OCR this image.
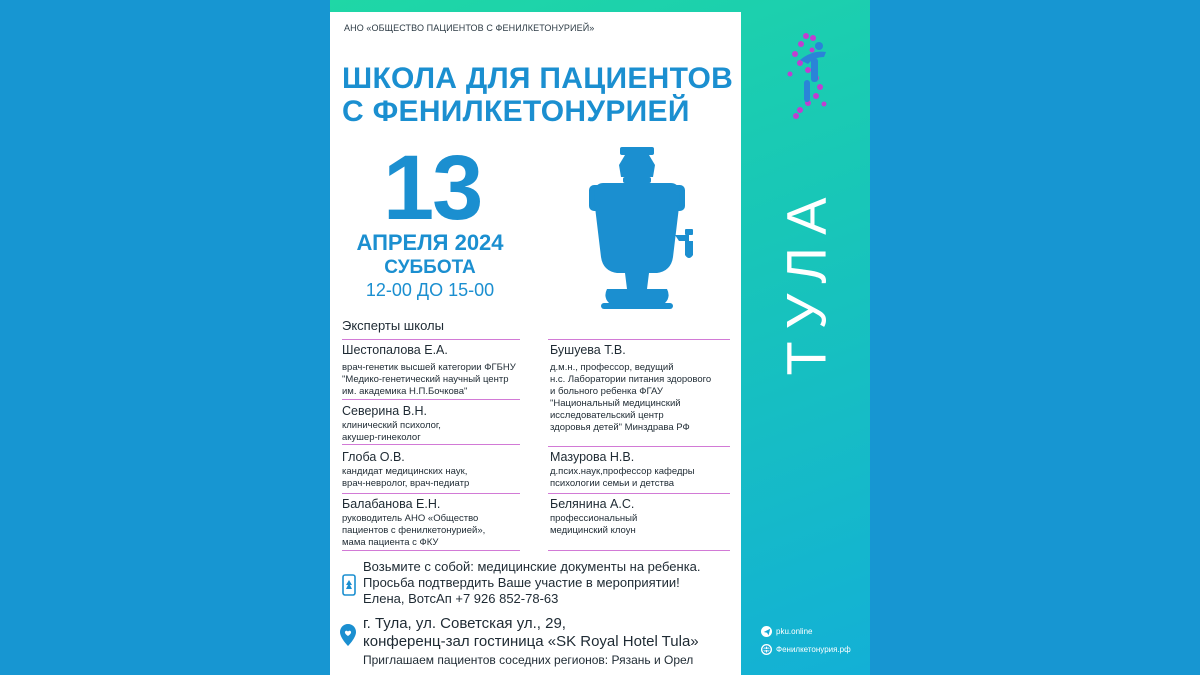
ТУЛА
pku.online
Фенилкетонурия.рф
АНО «ОБЩЕСТВО ПАЦИЕНТОВ С ФЕНИЛКЕТОНУРИЕЙ»
ШКОЛА ДЛЯ ПАЦИЕНТОВ
С ФЕНИЛКЕТОНУРИЕЙ
13
АПРЕЛЯ 2024
СУББОТА
12-00 ДО 15-00
Эксперты школы
Шестопалова Е.А.
врач-генетик высшей категории ФГБНУ
"Медико-генетический научный центр
им. академика Н.П.Бочкова"
Северина В.Н.
клинический психолог,
акушер-гинеколог
Глоба О.В.
кандидат медицинских наук,
врач-невролог, врач-педиатр
Балабанова Е.Н.
руководитель АНО «Общество
пациентов с фенилкетонурией»,
мама пациента с ФКУ
Бушуева Т.В.
д.м.н., профессор, ведущий
н.с. Лаборатории питания здорового
и больного ребенка ФГАУ
"Национальный медицинский
исследовательский центр
здоровья детей" Минздрава РФ
Мазурова Н.В.
д.псих.наук,профессор кафедры
психологии семьи и детства
Белянина А.С.
профессиональный
медицинский клоун
Возьмите с собой: медицинские документы на ребенка.
Просьба подтвердить Ваше участие в мероприятии!
Елена, ВотсАп +7 926 852-78-63
г. Тула, ул. Советская ул., 29,
конференц-зал гостиница «SK Royal Hotel Tula»
Приглашаем пациентов соседних регионов: Рязань и Орел
